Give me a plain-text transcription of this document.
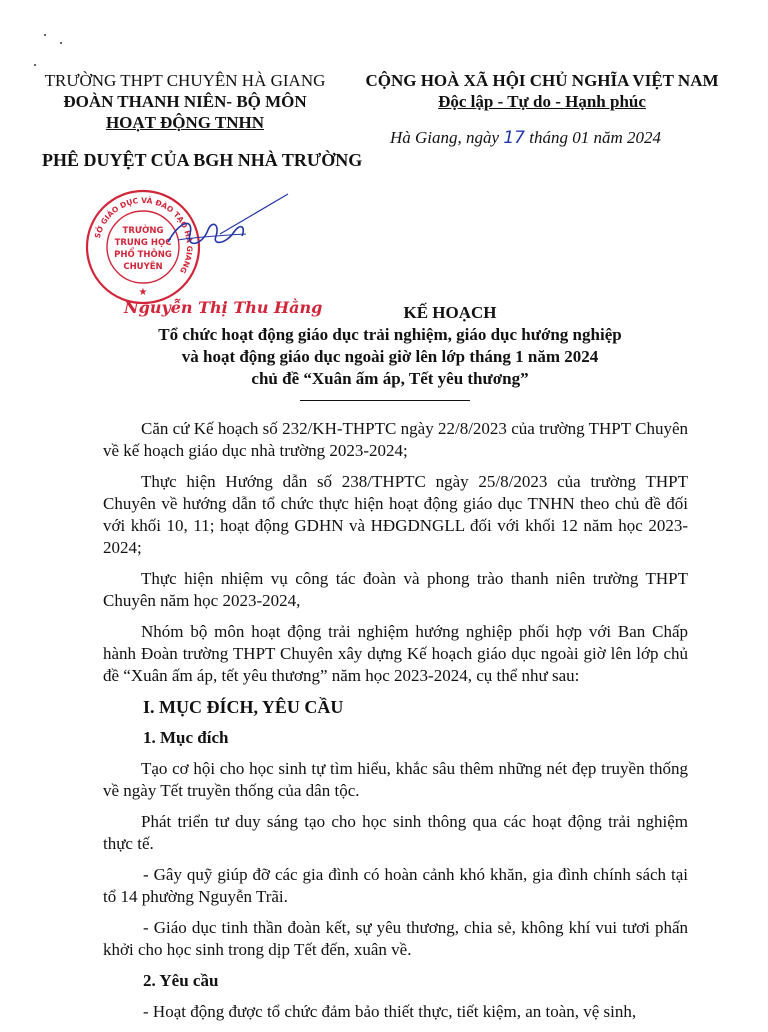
TRƯỜNG THPT CHUYÊN HÀ GIANG
ĐOÀN THANH NIÊN- BỘ MÔN
HOẠT ĐỘNG TNHN
CỘNG HOÀ XÃ HỘI CHỦ NGHĨA VIỆT NAM
Độc lập - Tự do - Hạnh phúc
Hà Giang, ngày 17 tháng 01 năm 2024
PHÊ DUYỆT CỦA BGH NHÀ TRƯỜNG
SỞ GIÁO DỤC VÀ ĐÀO TẠO HÀ GIANG
TRƯỜNG
TRUNG HỌC
PHỔ THÔNG
CHUYÊN
★
Nguyễn Thị Thu Hằng	KẾ HOẠCH
Tổ chức hoạt động giáo dục trải nghiệm, giáo dục hướng nghiệp
và hoạt động giáo dục ngoài giờ lên lớp tháng 1 năm 2024
chủ đề “Xuân ấm áp, Tết yêu thương”

Căn cứ Kế hoạch số 232/KH-THPTC ngày 22/8/2023 của trường THPT Chuyên về kế hoạch giáo dục nhà trường 2023-2024;

Thực hiện Hướng dẫn số 238/THPTC ngày 25/8/2023 của trường THPT Chuyên về hướng dẫn tổ chức thực hiện hoạt động giáo dục TNHN theo chủ đề đối với khối 10, 11; hoạt động GDHN và HĐGDNGLL đối với khối 12 năm học 2023-2024;

Thực hiện nhiệm vụ công tác đoàn và phong trào thanh niên trường THPT Chuyên năm học 2023-2024,

Nhóm bộ môn hoạt động trải nghiệm hướng nghiệp phối hợp với Ban Chấp hành Đoàn trường THPT Chuyên xây dựng Kế hoạch giáo dục ngoài giờ lên lớp chủ đề “Xuân ấm áp, tết yêu thương” năm học 2023-2024, cụ thể như sau:

I. MỤC ĐÍCH, YÊU CẦU
1. Mục đích

Tạo cơ hội cho học sinh tự tìm hiểu, khắc sâu thêm những nét đẹp truyền thống về ngày Tết truyền thống của dân tộc.

Phát triển tư duy sáng tạo cho học sinh thông qua các hoạt động trải nghiệm thực tế.

- Gây quỹ giúp đỡ các gia đình có hoàn cảnh khó khăn, gia đình chính sách tại tổ 14 phường Nguyễn Trãi.

- Giáo dục tinh thần đoàn kết, sự yêu thương, chia sẻ, không khí vui tươi phấn khởi cho học sinh trong dịp Tết đến, xuân về.

2. Yêu cầu

- Hoạt động được tổ chức đảm bảo thiết thực, tiết kiệm, an toàn, vệ sinh,
